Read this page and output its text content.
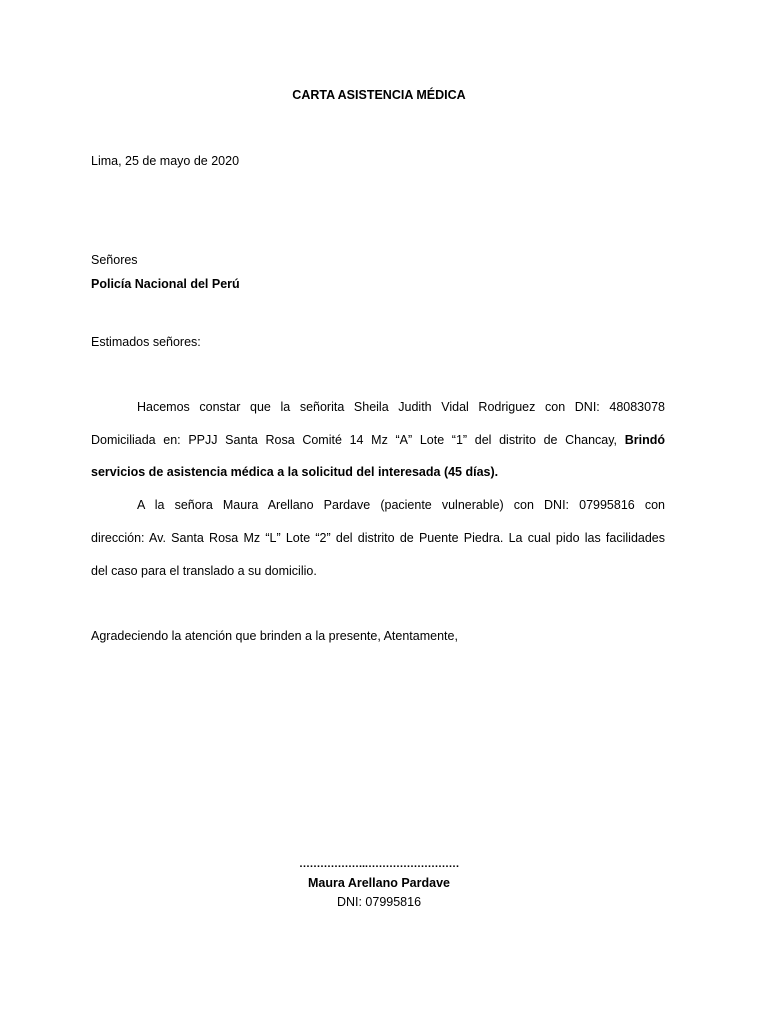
CARTA ASISTENCIA MÉDICA
Lima, 25 de mayo de 2020
Señores
Policía Nacional del Perú
Estimados señores:
Hacemos constar que la señorita Sheila Judith Vidal Rodriguez con DNI: 48083078
Domiciliada en: PPJJ Santa Rosa Comité 14 Mz “A” Lote “1” del distrito de Chancay, Brindó
servicios de asistencia médica a la solicitud del interesada (45 días).
A la señora Maura Arellano Pardave (paciente vulnerable) con DNI: 07995816 con
dirección: Av. Santa Rosa Mz “L” Lote “2” del distrito de Puente Piedra. La cual pido las facilidades
del caso para el translado a su domicilio.
Agradeciendo la atención que brinden a la presente, Atentamente,
……………….………………………
Maura Arellano Pardave
DNI: 07995816
